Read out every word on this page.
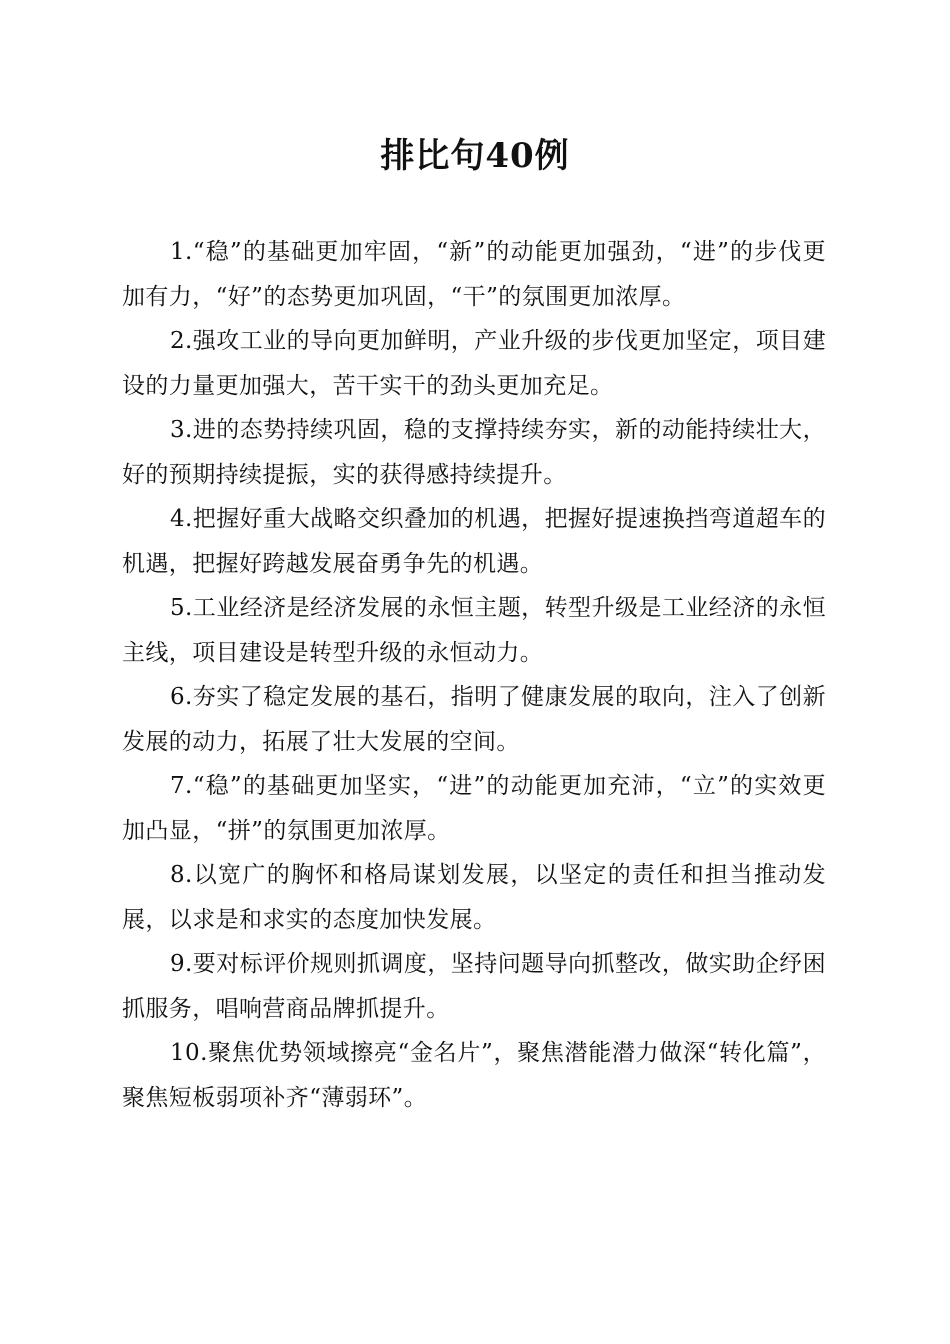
排比句40例

1.“稳”的基础更加牢固，“新”的动能更加强劲，“进”的步伐更加有力，“好”的态势更加巩固，“干”的氛围更加浓厚。

2.强攻工业的导向更加鲜明，产业升级的步伐更加坚定，项目建设的力量更加强大，苦干实干的劲头更加充足。

3.进的态势持续巩固，稳的支撑持续夯实，新的动能持续壮大，好的预期持续提振，实的获得感持续提升。

4.把握好重大战略交织叠加的机遇，把握好提速换挡弯道超车的机遇，把握好跨越发展奋勇争先的机遇。

5.工业经济是经济发展的永恒主题，转型升级是工业经济的永恒主线，项目建设是转型升级的永恒动力。

6.夯实了稳定发展的基石，指明了健康发展的取向，注入了创新发展的动力，拓展了壮大发展的空间。

7.“稳”的基础更加坚实，“进”的动能更加充沛，“立”的实效更加凸显，“拼”的氛围更加浓厚。

8.以宽广的胸怀和格局谋划发展，以坚定的责任和担当推动发展，以求是和求实的态度加快发展。

9.要对标评价规则抓调度，坚持问题导向抓整改，做实助企纾困抓服务，唱响营商品牌抓提升。

10.聚焦优势领域擦亮“金名片”，聚焦潜能潜力做深“转化篇”，聚焦短板弱项补齐“薄弱环”。
